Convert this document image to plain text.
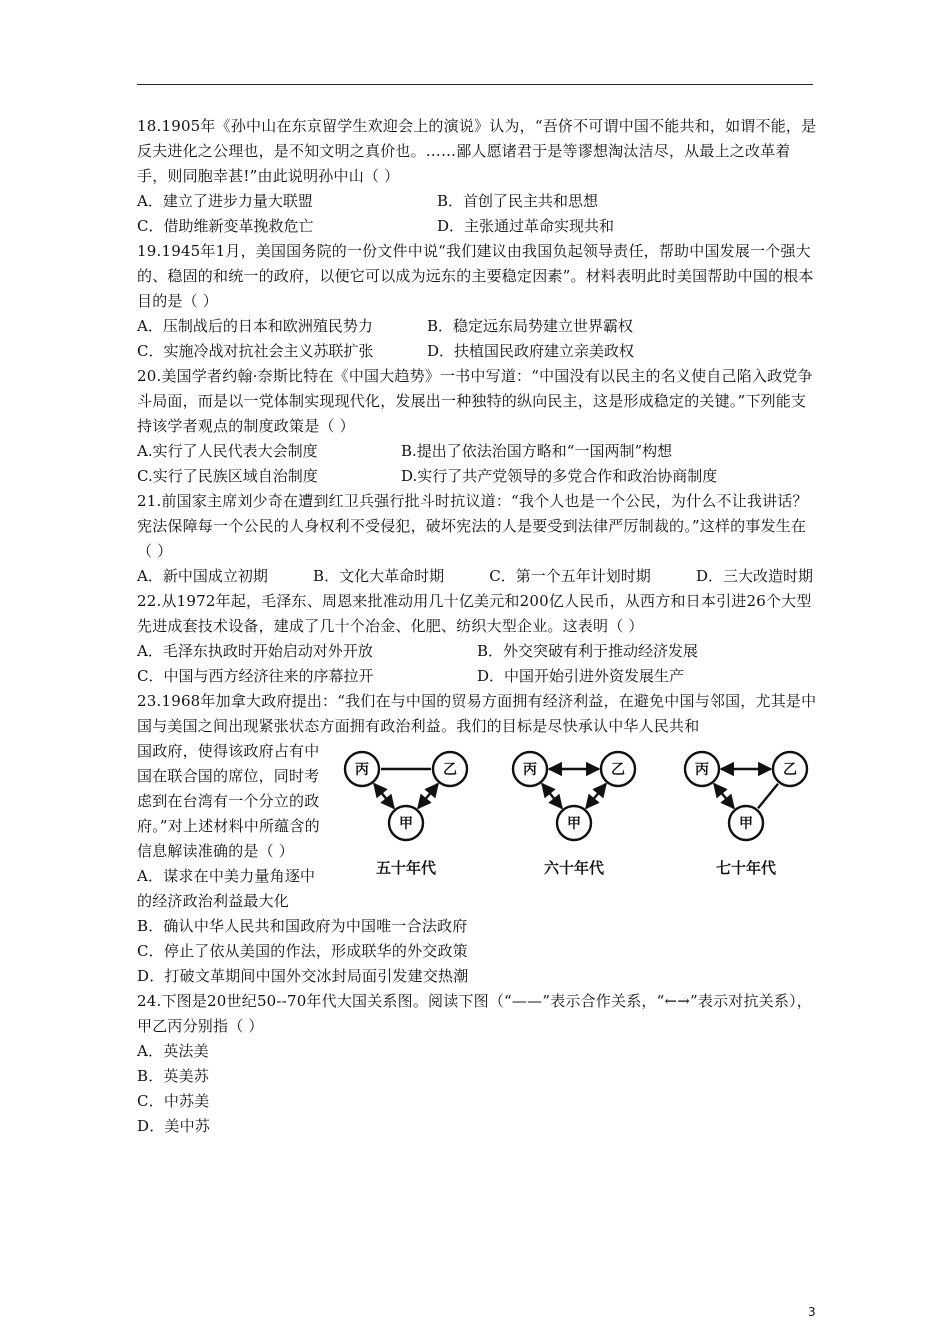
18.1905年《孙中山在东京留学生欢迎会上的演说》认为，“吾侪不可谓中国不能共和，如谓不能，是反夫进化之公理也，是不知文明之真价也。……鄙人愿诸君于是等谬想淘汰洁尽，从最上之改革着手，则同胞幸甚!”由此说明孙中山（ ）

A．建立了进步力量大联盟	B．首创了民主共和思想
C．借助维新变革挽救危亡	D．主张通过革命实现共和

19.1945年1月，美国国务院的一份文件中说“我们建议由我国负起领导责任，帮助中国发展一个强大的、稳固的和统一的政府，以便它可以成为远东的主要稳定因素”。材料表明此时美国帮助中国的根本目的是（ ）

A．压制战后的日本和欧洲殖民势力	B．稳定远东局势建立世界霸权
C．实施冷战对抗社会主义苏联扩张	D．扶植国民政府建立亲美政权

20.美国学者约翰·奈斯比特在《中国大趋势》一书中写道：“中国没有以民主的名义使自己陷入政党争斗局面，而是以一党体制实现现代化，发展出一种独特的纵向民主，这是形成稳定的关键。”下列能支持该学者观点的制度政策是（ ）

A.实行了人民代表大会制度	B.提出了依法治国方略和“一国两制”构想
C.实行了民族区域自治制度	D.实行了共产党领导的多党合作和政治协商制度

21.前国家主席刘少奇在遭到红卫兵强行批斗时抗议道：“我个人也是一个公民，为什么不让我讲话？宪法保障每一个公民的人身权利不受侵犯，破坏宪法的人是要受到法律严厉制裁的。”这样的事发生在（ ）

A．新中国成立初期	B．文化大革命时期	C．第一个五年计划时期	D．三大改造时期

22.从1972年起，毛泽东、周恩来批准动用几十亿美元和200亿人民币，从西方和日本引进26个大型先进成套技术设备，建成了几十个冶金、化肥、纺织大型企业。这表明（ ）

A．毛泽东执政时开始启动对外开放	B．外交突破有利于推动经济发展
C．中国与西方经济往来的序幕拉开	D．中国开始引进外资发展生产

23.1968年加拿大政府提出：“我们在与中国的贸易方面拥有经济利益，在避免中国与邻国，尤其是中国与美国之间出现紧张状态方面拥有政治利益。我们的目标是尽快承认中华人民共和

国政府，使得该政府占有中国在联合国的席位，同时考虑到在台湾有一个分立的政府。”对上述材料中所蕴含的信息解读准确的是（ ）

A．谋求在中美力量角逐中的经济政治利益最大化

丙	乙
甲
五十年代
丙	乙
甲
六十年代
丙	乙
甲
七十年代

B．确认中华人民共和国政府为中国唯一合法政府

C．停止了依从美国的作法，形成联华的外交政策

D．打破文革期间中国外交冰封局面引发建交热潮

24.下图是20世纪50--70年代大国关系图。阅读下图（“——”表示合作关系，“←→”表示对抗关系），甲乙丙分别指（ ）

A．英法美

B．英美苏

C．中苏美

D．美中苏

3
